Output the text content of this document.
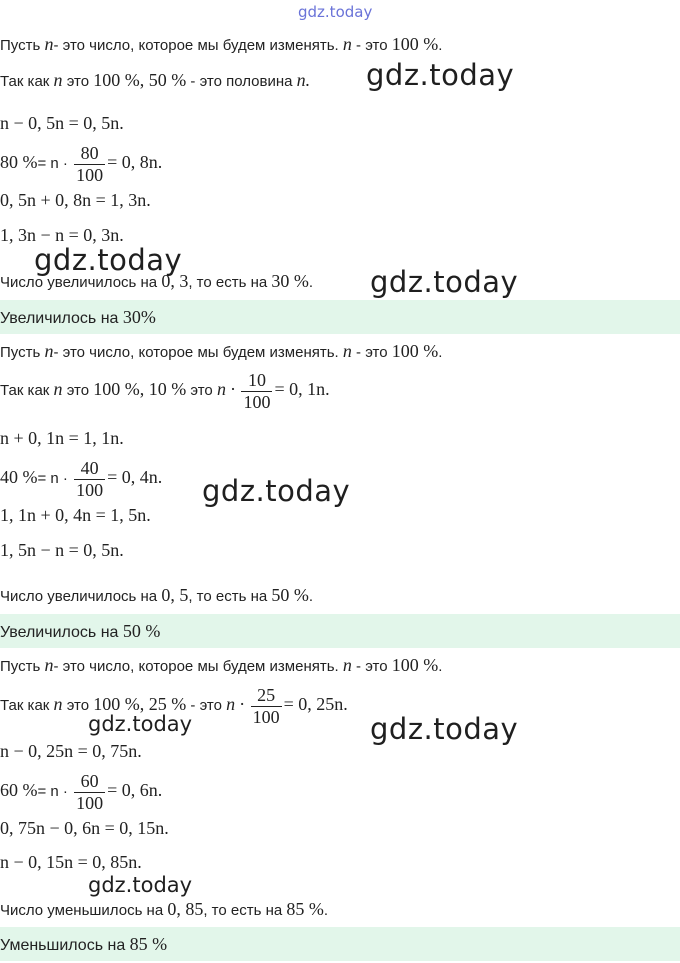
gdz.today
Пусть n- это число, которое мы будем изменять. n - это 100 %.
Так как n это 100 %, 50 % - это половина n. gdz.today
n − 0, 5n = 0, 5n.
80 %= $n \cdot \frac{80}{100} = 0$, 8n.
0, 5n + 0, 8n = 1, 3n.
1, 3n − n = 0, 3n.
gdz.today
Число увеличилось на 0, 3, то есть на 30 %. gdz.today
Увеличилось на 30%
Пусть n- это число, которое мы будем изменять. n - это 100 %.
Так как n это 100 %, 10 % это $n \cdot \frac{10}{100} = 0$, 1n.
n + 0, 1n = 1, 1n.
40 %= $n \cdot \frac{40}{100} = 0$, 4n. gdz.today
1, 1n + 0, 4n = 1, 5n.
1, 5n − n = 0, 5n.
Число увеличилось на 0, 5, то есть на 50 %.
Увеличилось на 50 %
Пусть n- это число, которое мы будем изменять. n - это 100 %.
Так как n это 100 %, 25 % - это $n \cdot \frac{25}{100} = 0$, 25n.
gdz.today	gdz.today
n − 0, 25n = 0, 75n.
60 %= $n \cdot \frac{60}{100} = 0$, 6n.
0, 75n − 0, 6n = 0, 15n.
n − 0, 15n = 0, 85n.
gdz.today
Число уменьшилось на 0, 85, то есть на 85 %.
Уменьшилось на 85 %
